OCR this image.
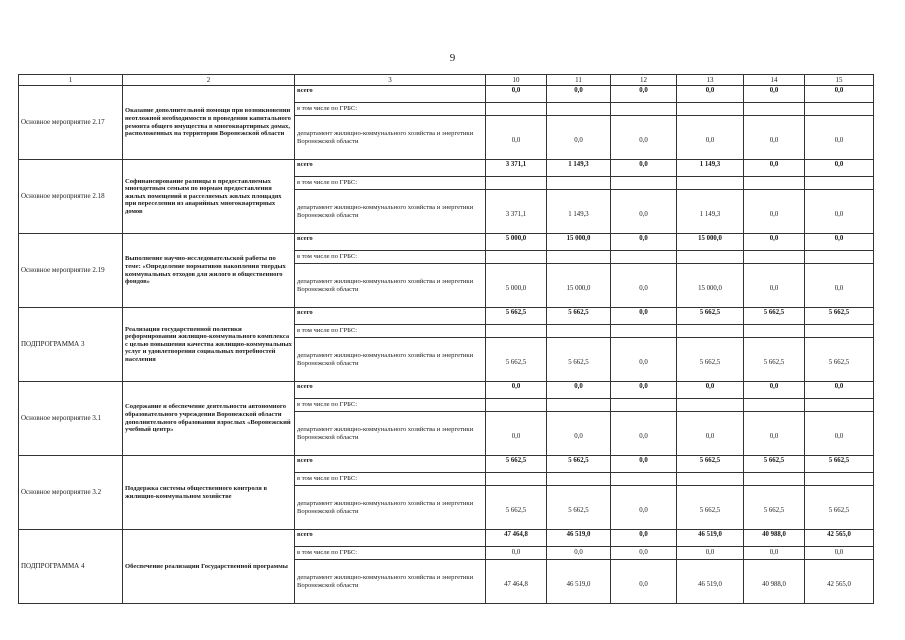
9
1	2	3	10	11	12	13	14	15
Основное мероприятие 2.17	Оказание дополнительной помощи при возникновении неотложной необходимости в проведении капитального ремонта общего имущества в многоквартирных домах, расположенных на территории Воронежской области	всего	0,0	0,0	0,0	0,0	0,0	0,0
		в том числе по ГРБС:						
		департамент жилищно-коммунального хозяйства и энергетики Воронежской области	0,0	0,0	0,0	0,0	0,0	0,0
Основное мероприятие 2.18	Софинансирование разницы в предоставляемых многодетным семьям по нормам предоставления жилых помещений и расселяемых жилых площадях при переселении из аварийных многоквартирных домов	всего	3 371,1	1 149,3	0,0	1 149,3	0,0	0,0
		в том числе по ГРБС:						
		департамент жилищно-коммунального хозяйства и энергетики Воронежской области	3 371,1	1 149,3	0,0	1 149,3	0,0	0,0
Основное мероприятие 2.19	Выполнение научно-исследовательской работы по теме: «Определение нормативов накопления твердых коммунальных отходов для жилого и общественного фондов»	всего	5 000,0	15 000,0	0,0	15 000,0	0,0	0,0
		в том числе по ГРБС:						
		департамент жилищно-коммунального хозяйства и энергетики Воронежской области	5 000,0	15 000,0	0,0	15 000,0	0,0	0,0
ПОДПРОГРАММА 3	Реализация государственной политики реформировании жилищно-коммунального комплекса с целью повышения качества жилищно-коммунальных услуг и удовлетворения социальных потребностей населения	всего	5 662,5	5 662,5	0,0	5 662,5	5 662,5	5 662,5
		в том числе по ГРБС:						
		департамент жилищно-коммунального хозяйства и энергетики Воронежской области	5 662,5	5 662,5	0,0	5 662,5	5 662,5	5 662,5
Основное мероприятие 3.1	Содержание и обеспечение деятельности автономного образовательного учреждения Воронежской области дополнительного образования взрослых «Воронежский учебный центр»	всего	0,0	0,0	0,0	0,0	0,0	0,0
		в том числе по ГРБС:						
		департамент жилищно-коммунального хозяйства и энергетики Воронежской области	0,0	0,0	0,0	0,0	0,0	0,0
Основное мероприятие 3.2	Поддержка системы общественного контроля в жилищно-коммунальном хозяйстве	всего	5 662,5	5 662,5	0,0	5 662,5	5 662,5	5 662,5
		в том числе по ГРБС:						
		департамент жилищно-коммунального хозяйства и энергетики Воронежской области	5 662,5	5 662,5	0,0	5 662,5	5 662,5	5 662,5
ПОДПРОГРАММА 4	Обеспечение реализации Государственной программы	всего	47 464,8	46 519,0	0,0	46 519,0	40 988,0	42 565,0
		в том числе по ГРБС:	0,0	0,0	0,0	0,0	0,0	0,0
		департамент жилищно-коммунального хозяйства и энергетики Воронежской области	47 464,8	46 519,0	0,0	46 519,0	40 988,0	42 565,0
